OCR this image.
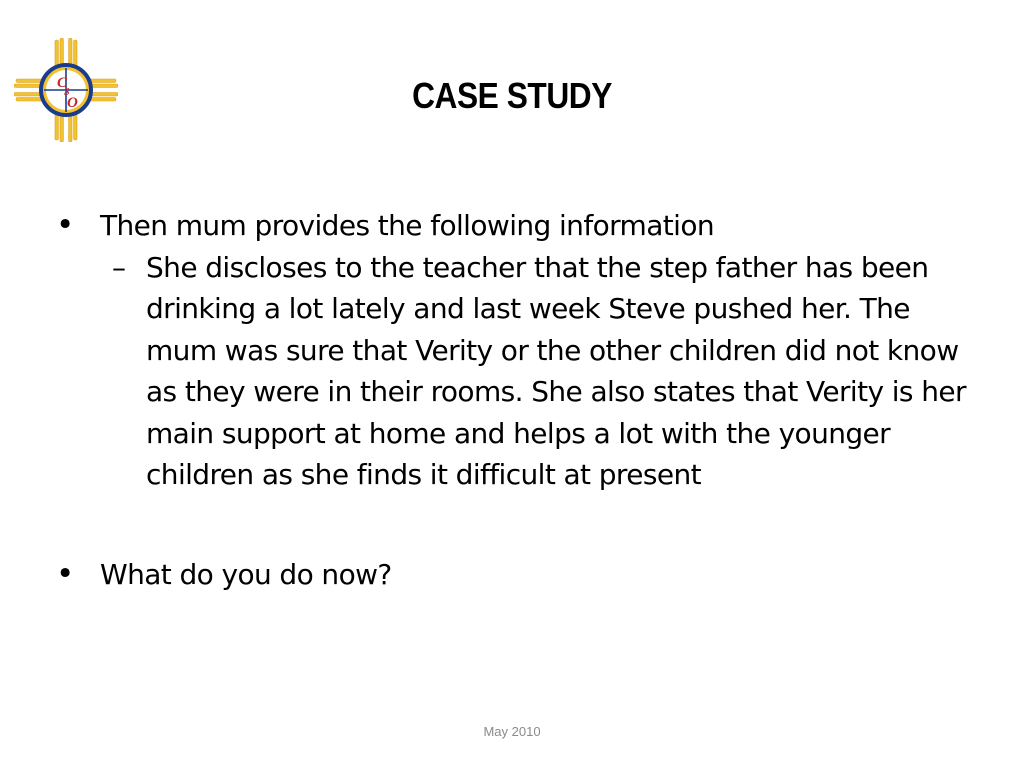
C
S
O	CASE STUDY
• Then mum provides the following information
– She discloses to the teacher that the step father has been drinking a lot lately and last week Steve pushed her. The mum was sure that Verity or the other children did not know as they were in their rooms. She also states that Verity is her main support at home and helps a lot with the younger children as she finds it difficult at present
• What do you do now?
May 2010
